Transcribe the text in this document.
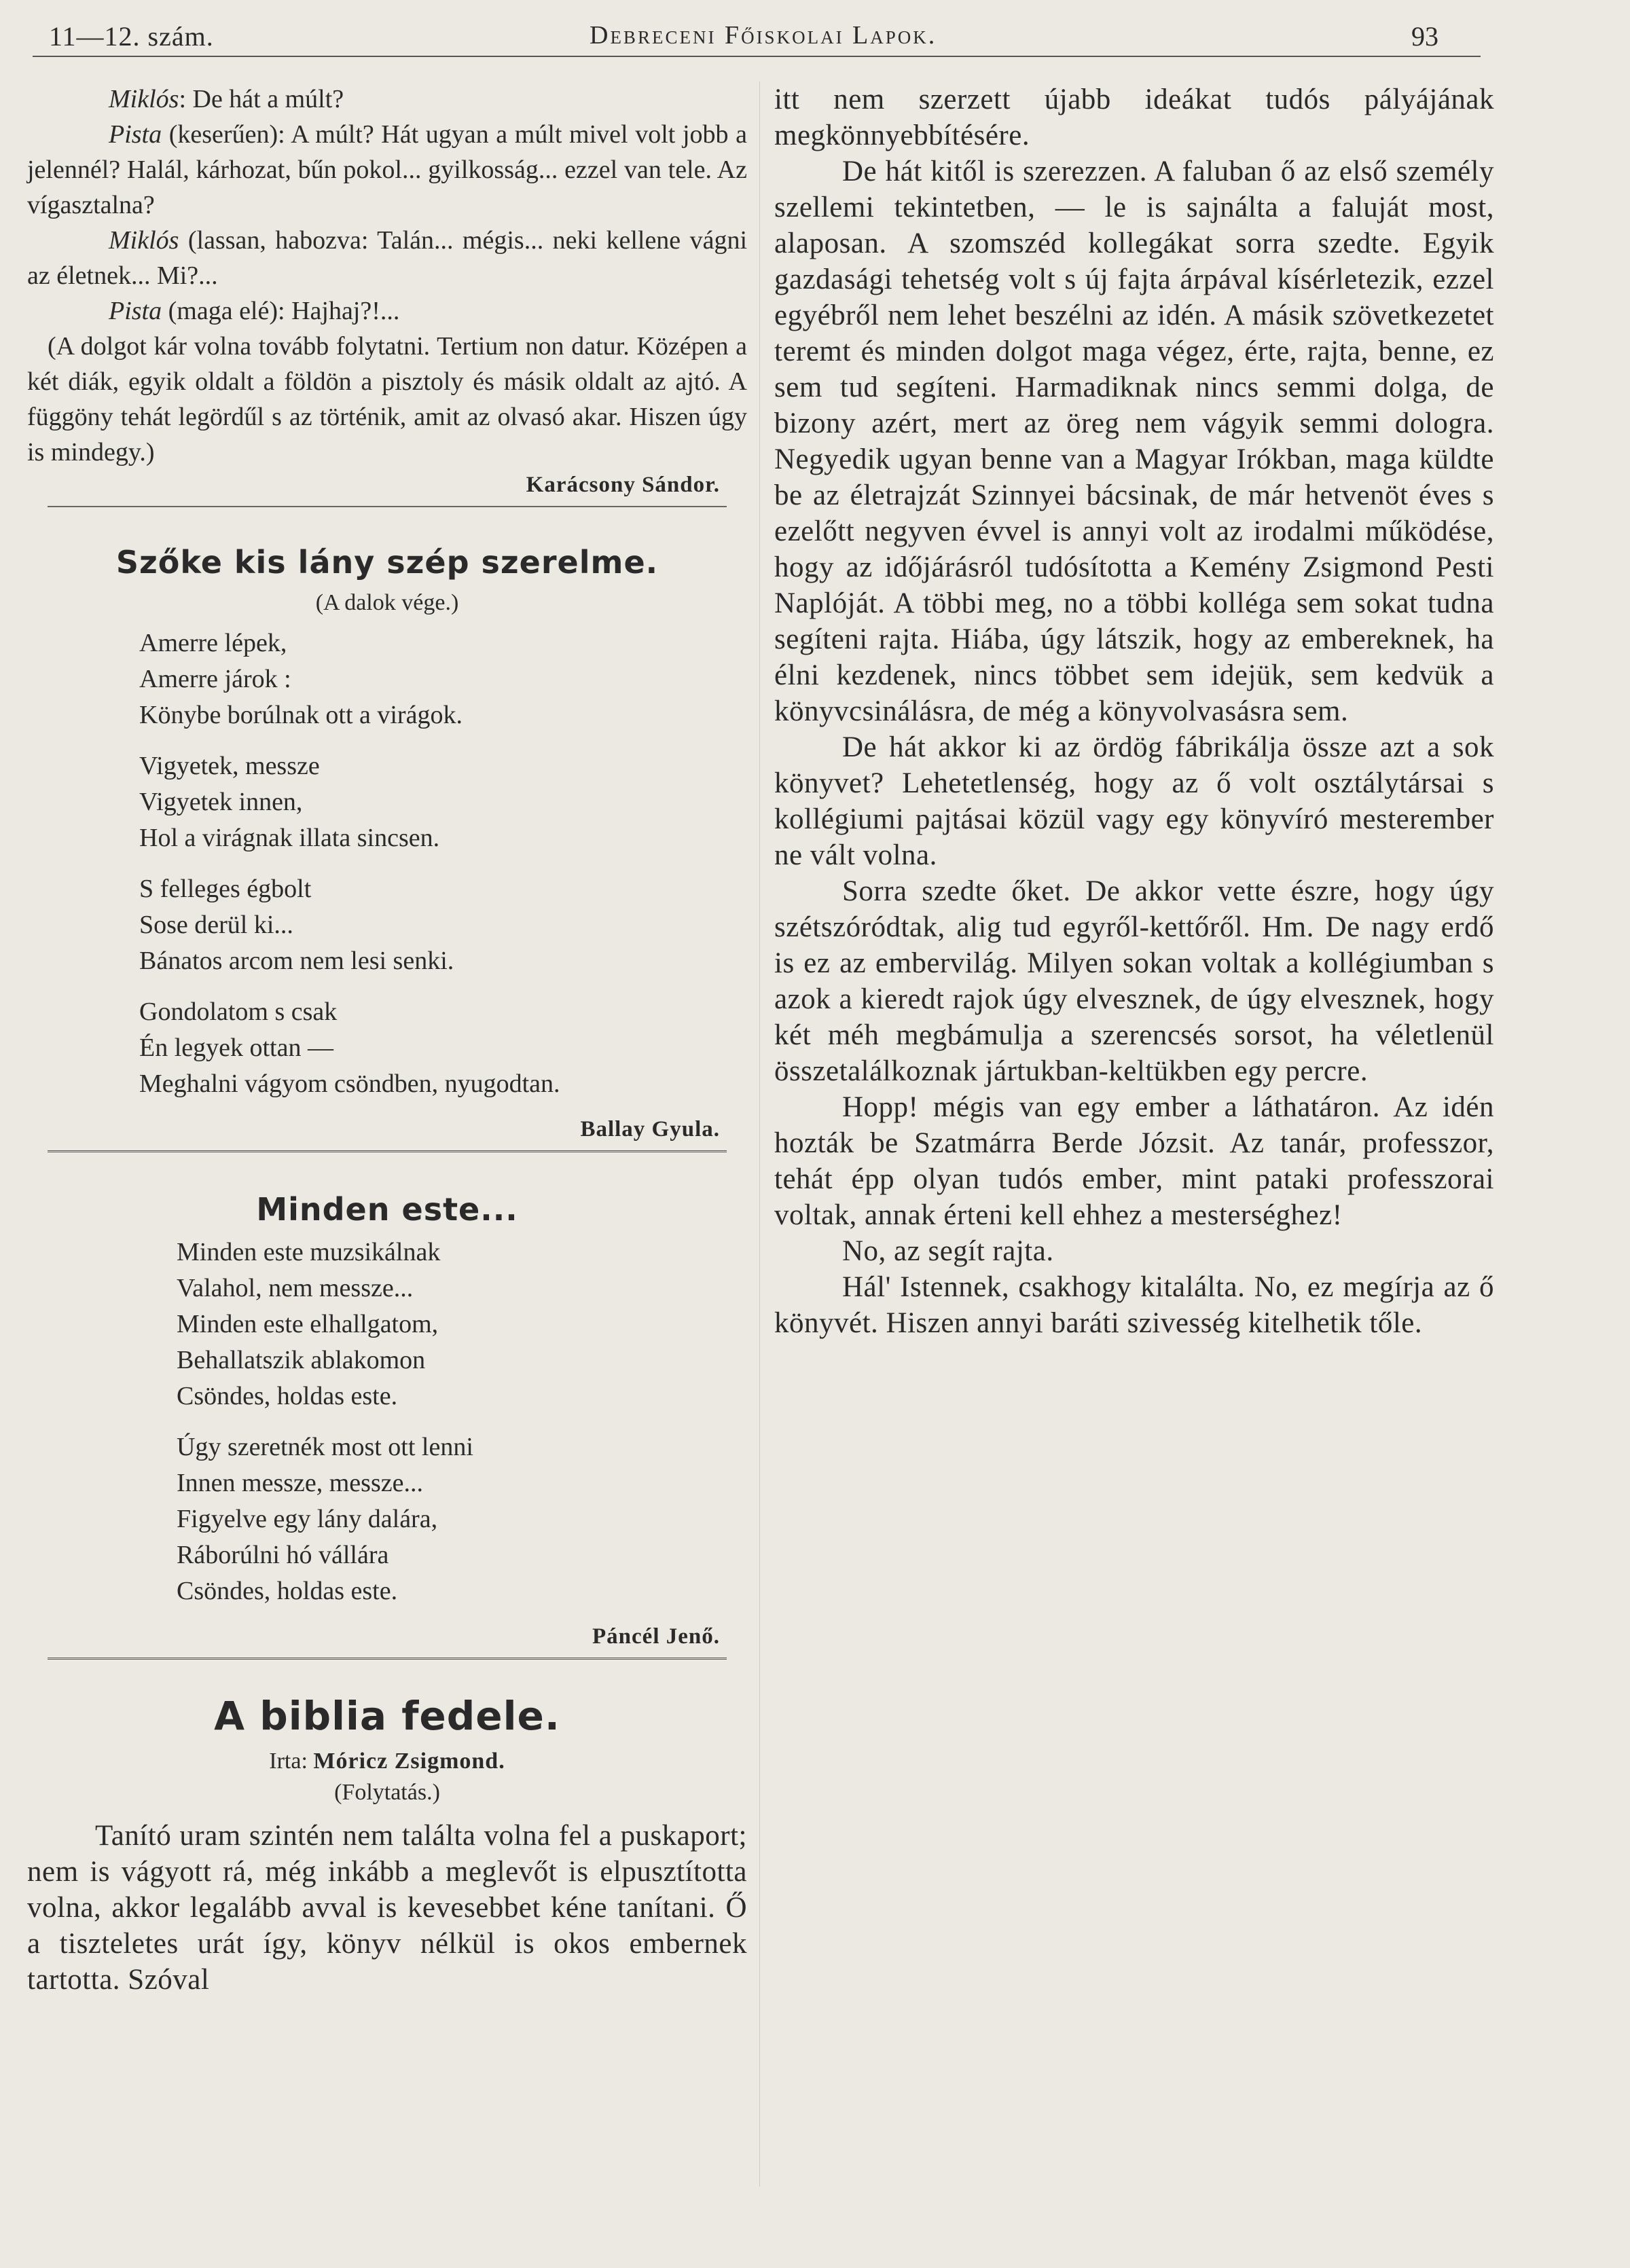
11—12. szám.	Debreceni Főiskolai Lapok.	93

Miklós: De hát a múlt?

Pista (keserűen): A múlt? Hát ugyan a múlt mivel volt jobb a jelennél? Halál, kárhozat, bűn pokol... gyilkosság... ezzel van tele. Az vígasztalna?

Miklós (lassan, habozva: Talán... mégis... neki kellene vágni az életnek... Mi?...

Pista (maga elé): Hajhaj?!...

(A dolgot kár volna tovább folytatni. Tertium non datur. Középen a két diák, egyik oldalt a földön a pisztoly és másik oldalt az ajtó. A függöny tehát legördűl s az történik, amit az olvasó akar. Hiszen úgy is mindegy.)

Karácsony Sándor.
Szőke kis lány szép szerelme.
(A dalok vége.)
Amerre lépek,
Amerre járok :
Könybe borúlnak ott a virágok.
Vigyetek, messze
Vigyetek innen,
Hol a virágnak illata sincsen.
S felleges égbolt
Sose derül ki...
Bánatos arcom nem lesi senki.
Gondolatom s csak
Én legyek ottan —
Meghalni vágyom csöndben, nyugodtan.
Ballay Gyula.
Minden este...
Minden este muzsikálnak
Valahol, nem messze...
Minden este elhallgatom,
Behallatszik ablakomon
Csöndes, holdas este.
Úgy szeretnék most ott lenni
Innen messze, messze...
Figyelve egy lány dalára,
Ráborúlni hó vállára
Csöndes, holdas este.
Páncél Jenő.
A biblia fedele.
Irta: Móricz Zsigmond.
(Folytatás.)

Tanító uram szintén nem találta volna fel a puskaport; nem is vágyott rá, még inkább a meglevőt is elpusztította volna, akkor legalább avval is kevesebbet kéne tanítani. Ő a tiszteletes urát így, könyv nélkül is okos embernek tartotta. Szóval

itt nem szerzett újabb ideákat tudós pályájának megkönnyebbítésére.

De hát kitől is szerezzen. A faluban ő az első személy szellemi tekintetben, — le is sajnálta a faluját most, alaposan. A szomszéd kollegákat sorra szedte. Egyik gazdasági tehetség volt s új fajta árpával kísérletezik, ezzel egyébről nem lehet beszélni az idén. A másik szövetkezetet teremt és minden dolgot maga végez, érte, rajta, benne, ez sem tud segíteni. Harmadiknak nincs semmi dolga, de bizony azért, mert az öreg nem vágyik semmi dologra. Negyedik ugyan benne van a Magyar Irókban, maga küldte be az életrajzát Szinnyei bácsinak, de már hetvenöt éves s ezelőtt negyven évvel is annyi volt az irodalmi működése, hogy az időjárásról tudósította a Kemény Zsigmond Pesti Naplóját. A többi meg, no a többi kolléga sem sokat tudna segíteni rajta. Hiába, úgy látszik, hogy az embereknek, ha élni kezdenek, nincs többet sem idejük, sem kedvük a könyvcsinálásra, de még a könyvolvasásra sem.

De hát akkor ki az ördög fábrikálja össze azt a sok könyvet? Lehetetlenség, hogy az ő volt osztálytársai s kollégiumi pajtásai közül vagy egy könyvíró mesterember ne vált volna.

Sorra szedte őket. De akkor vette észre, hogy úgy szétszóródtak, alig tud egyről-kettőről. Hm. De nagy erdő is ez az embervilág. Milyen sokan voltak a kollégiumban s azok a kieredt rajok úgy elvesznek, de úgy elvesznek, hogy két méh megbámulja a szerencsés sorsot, ha véletlenül összetalálkoznak jártukban-keltükben egy percre.

Hopp! mégis van egy ember a láthatáron. Az idén hozták be Szatmárra Berde Józsit. Az tanár, professzor, tehát épp olyan tudós ember, mint pataki professzorai voltak, annak érteni kell ehhez a mesterséghez!

No, az segít rajta.

Hál' Istennek, csakhogy kitalálta. No, ez megírja az ő könyvét. Hiszen annyi baráti szivesség kitelhetik tőle.
